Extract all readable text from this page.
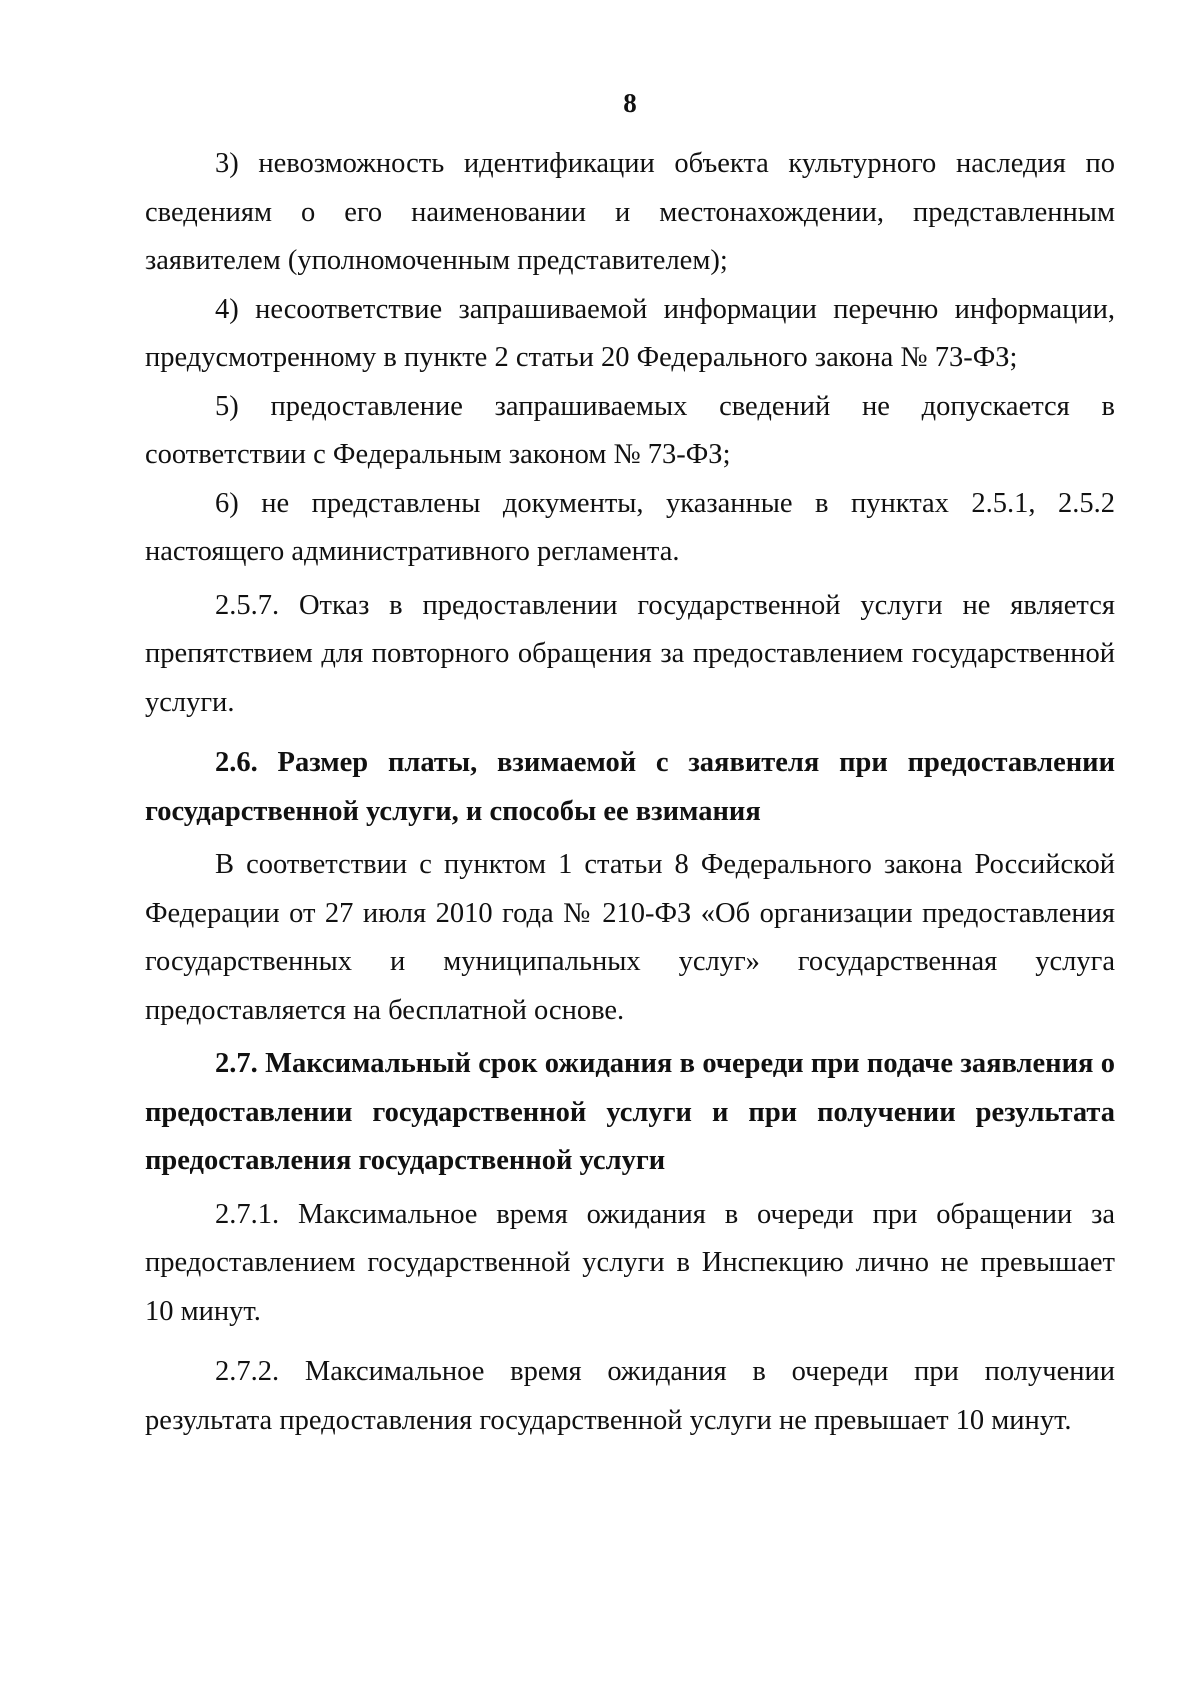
8

3) невозможность идентификации объекта культурного наследия по сведениям о его наименовании и местонахождении, представленным заявителем (уполномоченным представителем);

4) несоответствие запрашиваемой информации перечню информации, предусмотренному в пункте 2 статьи 20 Федерального закона № 73-ФЗ;

5) предоставление запрашиваемых сведений не допускается в соответствии с Федеральным законом № 73-ФЗ;

6) не представлены документы, указанные в пунктах 2.5.1, 2.5.2 настоящего административного регламента.

2.5.7. Отказ в предоставлении государственной услуги не является препятствием для повторного обращения за предоставлением государственной услуги.

2.6. Размер платы, взимаемой с заявителя при предоставлении государственной услуги, и способы ее взимания

В соответствии с пунктом 1 статьи 8 Федерального закона Российской Федерации от 27 июля 2010 года № 210-ФЗ «Об организации предоставления государственных и муниципальных услуг» государственная услуга предоставляется на бесплатной основе.

2.7. Максимальный срок ожидания в очереди при подаче заявления о предоставлении государственной услуги и при получении результата предоставления государственной услуги

2.7.1. Максимальное время ожидания в очереди при обращении за предоставлением государственной услуги в Инспекцию лично не превышает 10 минут.

2.7.2. Максимальное время ожидания в очереди при получении результата предоставления государственной услуги не превышает 10 минут.
